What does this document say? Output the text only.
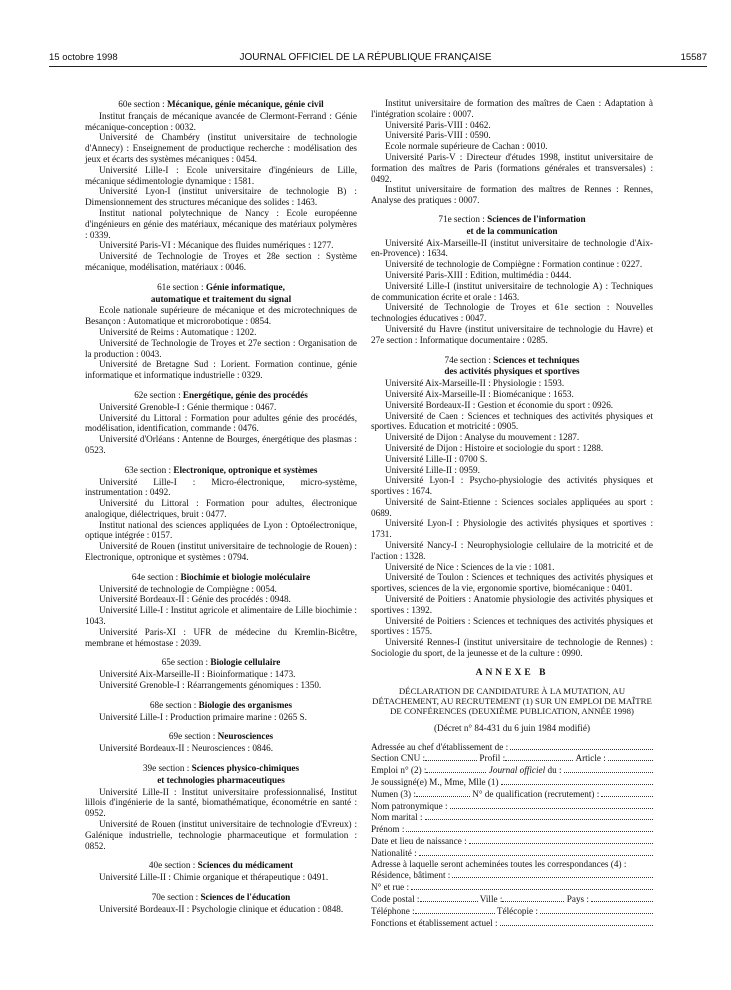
15 octobre 1998	JOURNAL OFFICIEL DE LA RÉPUBLIQUE FRANÇAISE	15587
60e section : Mécanique, génie mécanique, génie civil

Institut français de mécanique avancée de Clermont-Ferrand : Génie mécanique-conception : 0032.

Université de Chambéry (institut universitaire de technologie d'Annecy) : Enseignement de productique recherche : modélisation des jeux et écarts des systèmes mécaniques : 0454.

Université Lille-I : Ecole universitaire d'ingénieurs de Lille, mécanique sédimentologie dynamique : 1581.

Université Lyon-I (institut universitaire de technologie B) : Dimensionnement des structures mécanique des solides : 1463.

Institut national polytechnique de Nancy : Ecole européenne d'ingénieurs en génie des matériaux, mécanique des matériaux polymères : 0339.

Université Paris-VI : Mécanique des fluides numériques : 1277.

Université de Technologie de Troyes et 28e section : Système mécanique, modélisation, matériaux : 0046.

61e section : Génie informatique,
automatique et traitement du signal

Ecole nationale supérieure de mécanique et des microtechniques de Besançon : Automatique et microrobotique : 0854.

Université de Reims : Automatique : 1202.

Université de Technologie de Troyes et 27e section : Organisation de la production : 0043.

Université de Bretagne Sud : Lorient. Formation continue, génie informatique et informatique industrielle : 0329.

62e section : Energétique, génie des procédés

Université Grenoble-I : Génie thermique : 0467.

Université du Littoral : Formation pour adultes génie des procédés, modélisation, identification, commande : 0476.

Université d'Orléans : Antenne de Bourges, énergétique des plasmas : 0523.

63e section : Electronique, optronique et systèmes

Université Lille-I : Micro-électronique, micro-système, instrumentation : 0492.

Université du Littoral : Formation pour adultes, électronique analogique, diélectriques, bruit : 0477.

Institut national des sciences appliquées de Lyon : Optoélectronique, optique intégrée : 0157.

Université de Rouen (institut universitaire de technologie de Rouen) : Electronique, optronique et systèmes : 0794.

64e section : Biochimie et biologie moléculaire

Université de technologie de Compiègne : 0054.

Université Bordeaux-II : Génie des procédés : 0948.

Université Lille-I : Institut agricole et alimentaire de Lille biochimie : 1043.

Université Paris-XI : UFR de médecine du Kremlin-Bicêtre, membrane et hémostase : 2039.

65e section : Biologie cellulaire

Université Aix-Marseille-II : Bioinformatique : 1473.

Université Grenoble-I : Réarrangements génomiques : 1350.

68e section : Biologie des organismes

Université Lille-I : Production primaire marine : 0265 S.

69e section : Neurosciences

Université Bordeaux-II : Neurosciences : 0846.

39e section : Sciences physico-chimiques
et technologies pharmaceutiques

Université Lille-II : Institut universitaire professionnalisé, Institut lillois d'ingénierie de la santé, biomathématique, économétrie en santé : 0952.

Université de Rouen (institut universitaire de technologie d'Evreux) : Galénique industrielle, technologie pharmaceutique et formulation : 0852.

40e section : Sciences du médicament

Université Lille-II : Chimie organique et thérapeutique : 0491.

70e section : Sciences de l'éducation

Université Bordeaux-II : Psychologie clinique et éducation : 0848.

Institut universitaire de formation des maîtres de Caen : Adaptation à l'intégration scolaire : 0007.

Université Paris-VIII : 0462.

Université Paris-VIII : 0590.

Ecole normale supérieure de Cachan : 0010.

Université Paris-V : Directeur d'études 1998, institut universitaire de formation des maîtres de Paris (formations générales et transversales) : 0492.

Institut universitaire de formation des maîtres de Rennes : Rennes, Analyse des pratiques : 0007.

71e section : Sciences de l'information
et de la communication

Université Aix-Marseille-II (institut universitaire de technologie d'Aix-en-Provence) : 1634.

Université de technologie de Compiègne : Formation continue : 0227.

Université Paris-XIII : Edition, multimédia : 0444.

Université Lille-I (institut universitaire de technologie A) : Techniques de communication écrite et orale : 1463.

Université de Technologie de Troyes et 61e section : Nouvelles technologies éducatives : 0047.

Université du Havre (institut universitaire de technologie du Havre) et 27e section : Informatique documentaire : 0285.

74e section : Sciences et techniques
des activités physiques et sportives

Université Aix-Marseille-II : Physiologie : 1593.

Université Aix-Marseille-II : Biomécanique : 1653.

Université Bordeaux-II : Gestion et économie du sport : 0926.

Université de Caen : Sciences et techniques des activités physiques et sportives. Education et motricité : 0905.

Université de Dijon : Analyse du mouvement : 1287.

Université de Dijon : Histoire et sociologie du sport : 1288.

Université Lille-II : 0700 S.

Université Lille-II : 0959.

Université Lyon-I : Psycho-physiologie des activités physiques et sportives : 1674.

Université de Saint-Etienne : Sciences sociales appliquées au sport : 0689.

Université Lyon-I : Physiologie des activités physiques et sportives : 1731.

Université Nancy-I : Neurophysiologie cellulaire de la motricité et de l'action : 1328.

Université de Nice : Sciences de la vie : 1081.

Université de Toulon : Sciences et techniques des activités physiques et sportives, sciences de la vie, ergonomie sportive, biomécanique : 0401.

Université de Poitiers : Anatomie physiologie des activités physiques et sportives : 1392.

Université de Poitiers : Sciences et techniques des activités physiques et sportives : 1575.

Université Rennes-I (institut universitaire de technologie de Rennes) : Sociologie du sport, de la jeunesse et de la culture : 0990.

ANNEXE B

DÉCLARATION DE CANDIDATURE À LA MUTATION, AU DÉTACHEMENT, AU RECRUTEMENT (1) SUR UN EMPLOI DE MAÎTRE DE CONFÉRENCES (DEUXIÈME PUBLICATION, ANNÉE 1998)

(Décret n° 84-431 du 6 juin 1984 modifié)

Adressée au chef d'établissement de :

Section CNU :
	Profil :
	Article :

Emploi n° (2) :
	Journal officiel
du :

Je soussigné(e) M., Mme, Mlle (1)

Numen (3) :
	N° de qualification (recrutement) :

Nom patronymique :

Nom marital :

Prénom :

Date et lieu de naissance :

Nationalité :

Adresse à laquelle seront acheminées toutes les correspondances (4) :

Résidence, bâtiment :

N° et rue :

Code postal :
	Ville :
	Pays :

Téléphone :
	Télécopie :

Fonctions et établissement actuel :
